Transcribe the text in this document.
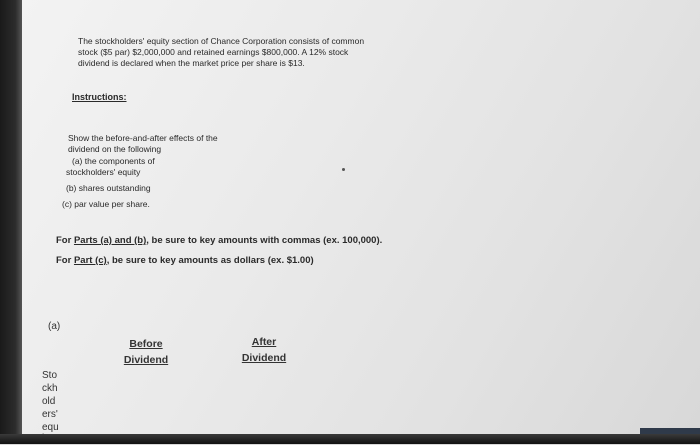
The stockholders' equity section of Chance Corporation consists of common stock ($5 par) $2,000,000 and retained earnings $800,000. A 12% stock dividend is declared when the market price per share is $13.

Instructions:

Show the before-and-after effects of the dividend on the following

(a) the components of
stockholders' equity
(b) shares outstanding
(c) par value per share.
For Parts (a) and (b), be sure to key amounts with commas (ex. 100,000).
For Part (c), be sure to key amounts as dollars (ex. $1.00)
(a)
Before
Dividend
After
Dividend
Sto
ckh
old
ers'
equ
